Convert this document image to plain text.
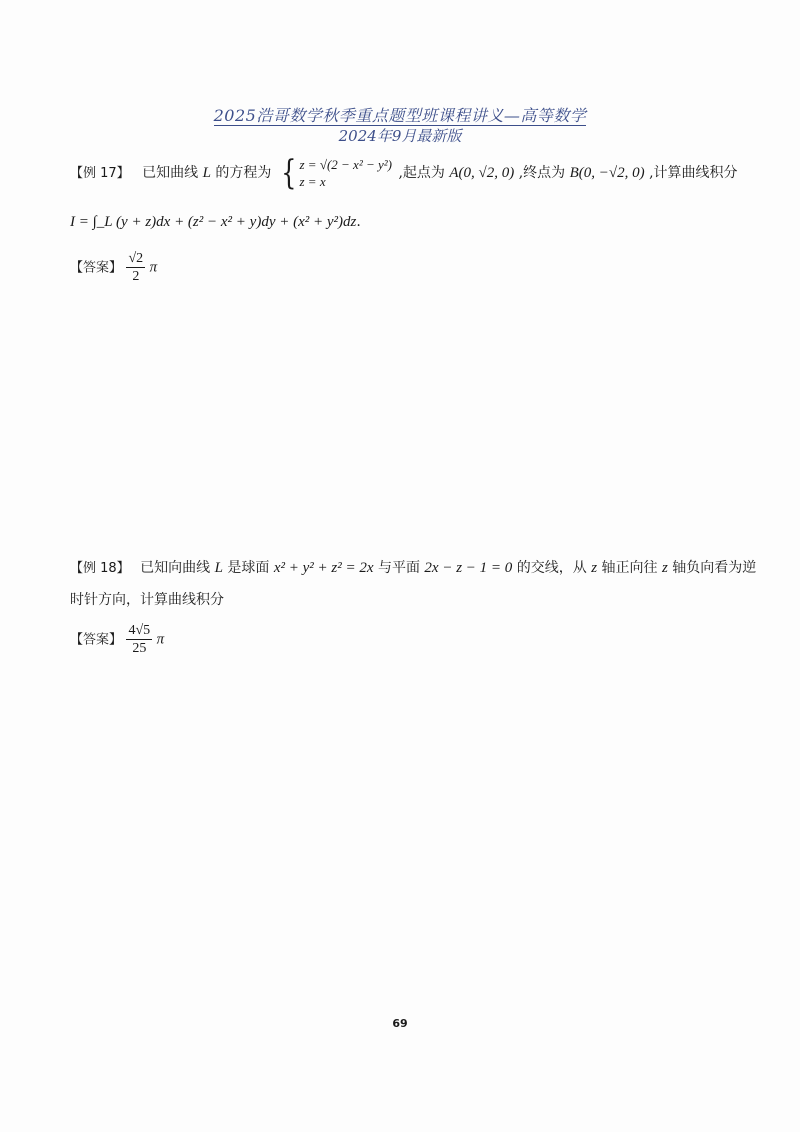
2025浩哥数学秋季重点题型班课程讲义—高等数学
2024年9月最新版
【例 17】 已知曲线 L 的方程为 { z = √(2 − x² − y²)
z = x
,起点为 A(0, √2, 0) ,终点为 B(0, −√2, 0) ,计算曲线积分
I = ∫_L (y + z)dx + (z² − x² + y)dy + (x² + y²)dz.
【答案】 $\frac{√2}{2}$ π
【例 18】 已知向曲线 L 是球面 x² + y² + z² = 2x 与平面 2x − z − 1 = 0 的交线，从 z 轴正向往 z 轴负向看为逆
时针方向，计算曲线积分
【答案】 $\frac{4√5}{25}$ π
69
